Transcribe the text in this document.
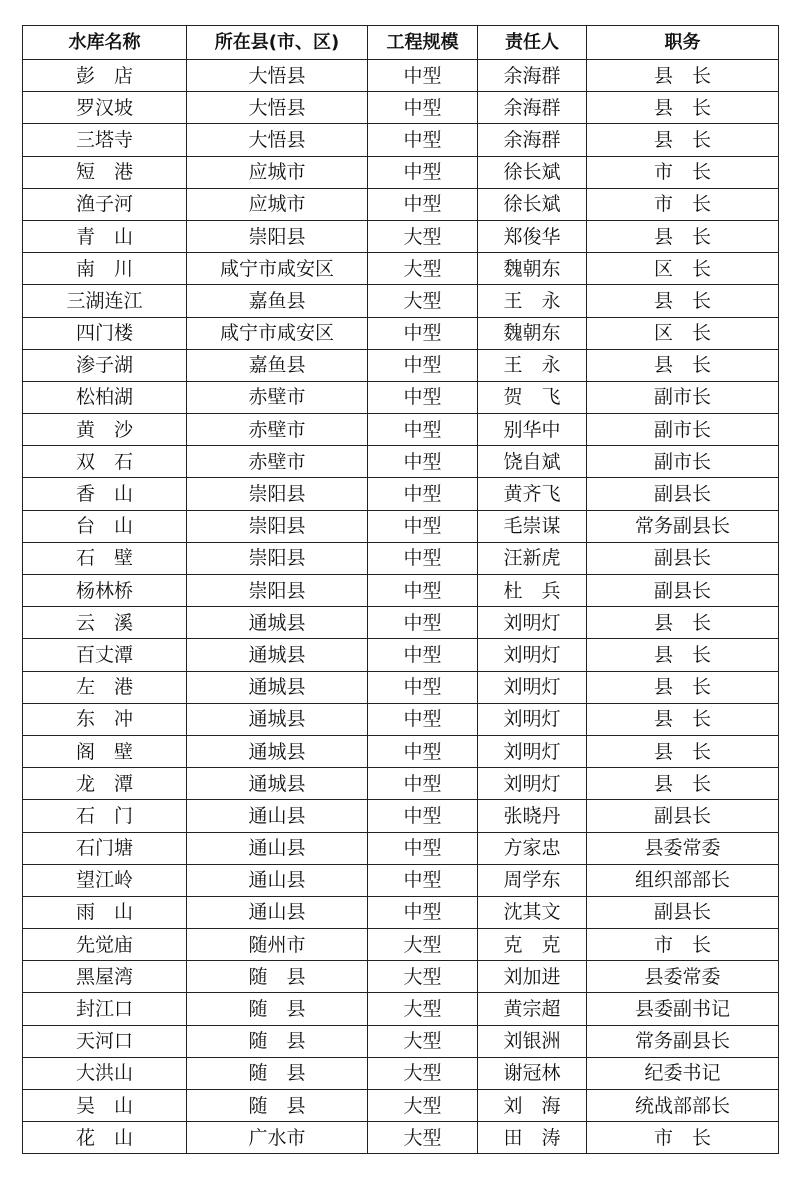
水库名称	所在县(市、区)	工程规模	责任人	职务
彭　店	大悟县	中型	余海群	县　长
罗汉坡	大悟县	中型	余海群	县　长
三塔寺	大悟县	中型	余海群	县　长
短　港	应城市	中型	徐长斌	市　长
渔子河	应城市	中型	徐长斌	市　长
青　山	崇阳县	大型	郑俊华	县　长
南　川	咸宁市咸安区	大型	魏朝东	区　长
三湖连江	嘉鱼县	大型	王　永	县　长
四门楼	咸宁市咸安区	中型	魏朝东	区　长
渗子湖	嘉鱼县	中型	王　永	县　长
松柏湖	赤壁市	中型	贺　飞	副市长
黄　沙	赤壁市	中型	别华中	副市长
双　石	赤壁市	中型	饶自斌	副市长
香　山	崇阳县	中型	黄齐飞	副县长
台　山	崇阳县	中型	毛崇谋	常务副县长
石　壁	崇阳县	中型	汪新虎	副县长
杨林桥	崇阳县	中型	杜　兵	副县长
云　溪	通城县	中型	刘明灯	县　长
百丈潭	通城县	中型	刘明灯	县　长
左　港	通城县	中型	刘明灯	县　长
东　冲	通城县	中型	刘明灯	县　长
阁　壁	通城县	中型	刘明灯	县　长
龙　潭	通城县	中型	刘明灯	县　长
石　门	通山县	中型	张晓丹	副县长
石门塘	通山县	中型	方家忠	县委常委
望江岭	通山县	中型	周学东	组织部部长
雨　山	通山县	中型	沈其文	副县长
先觉庙	随州市	大型	克　克	市　长
黑屋湾	随　县	大型	刘加进	县委常委
封江口	随　县	大型	黄宗超	县委副书记
天河口	随　县	大型	刘银洲	常务副县长
大洪山	随　县	大型	谢冠林	纪委书记
吴　山	随　县	大型	刘　海	统战部部长
花　山	广水市	大型	田　涛	市　长
